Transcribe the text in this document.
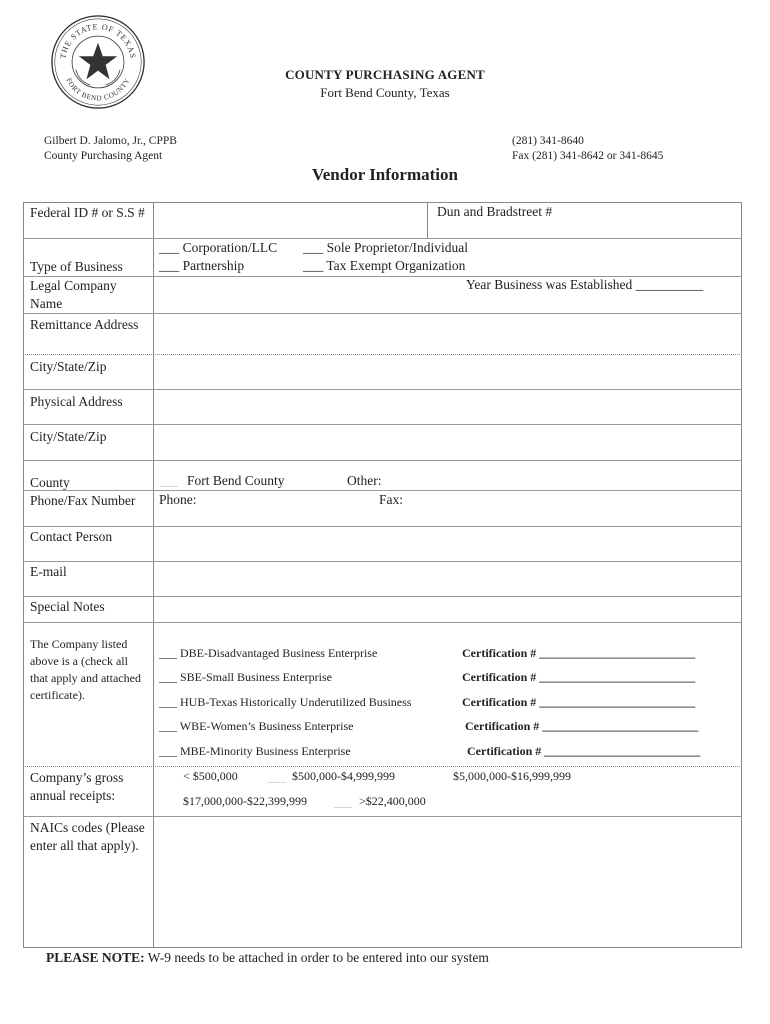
THE STATE OF TEXAS
FORT BEND COUNTY	COUNTY PURCHASING AGENT
Fort Bend County, Texas
Gilbert D. Jalomo, Jr., CPPB
County Purchasing Agent
(281) 341-8640
Fax (281) 341-8642 or 341-8645
Vendor Information
Federal ID # or S.S #	Dun and Bradstreet #
Type of Business
___ Corporation/LLC ___ Sole Proprietor/Individual
___ Partnership	___ Tax Exempt Organization
Legal Company Name
Year Business was Established __________
Remittance Address
City/State/Zip
Physical Address
City/State/Zip
County	___ Fort Bend County	Other:
Phone/Fax Number	Phone:	Fax:
Contact Person
E-mail
Special Notes
The Company listed above is a (check all that apply and attached certificate).
___ DBE-Disadvantaged Business Enterprise	Certification # __________________________
___ SBE-Small Business Enterprise	Certification # __________________________
___ HUB-Texas Historically Underutilized Business	Certification # __________________________
___ WBE-Women’s Business Enterprise	Certification # __________________________
___ MBE-Minority Business Enterprise	Certification # __________________________
Company’s gross annual receipts:
< $500,000	___ $500,000-$4,999,999	$5,000,000-$16,999,999
$17,000,000-$22,399,999 ___ >$22,400,000
NAICs codes (Please enter all that apply).
PLEASE NOTE: W-9 needs to be attached in order to be entered into our system
